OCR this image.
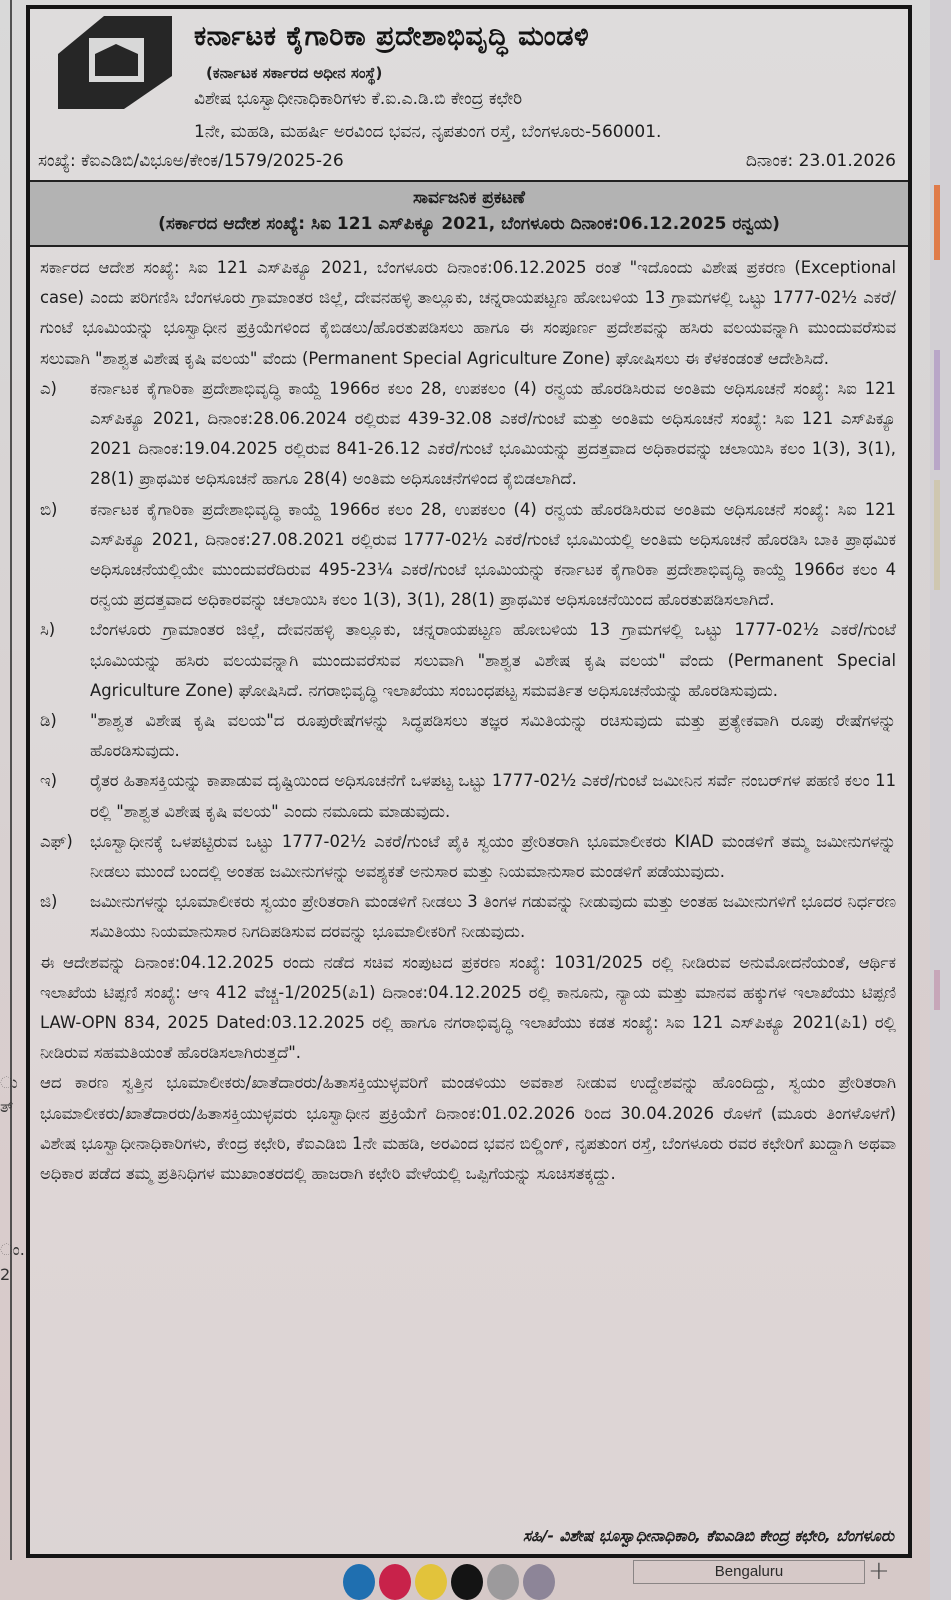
ು
ತ್
ಂ.
2
ಕರ್ನಾಟಕ ಕೈಗಾರಿಕಾ ಪ್ರದೇಶಾಭಿವೃದ್ಧಿ ಮಂಡಳಿ
(ಕರ್ನಾಟಕ ಸರ್ಕಾರದ ಅಧೀನ ಸಂಸ್ಥೆ)
ವಿಶೇಷ ಭೂಸ್ವಾಧೀನಾಧಿಕಾರಿಗಳು ಕೆ.ಐ.ಎ.ಡಿ.ಬಿ ಕೇಂದ್ರ ಕಛೇರಿ
1ನೇ, ಮಹಡಿ, ಮಹರ್ಷಿ ಅರವಿಂದ ಭವನ, ನೃಪತುಂಗ ರಸ್ತೆ, ಬೆಂಗಳೂರು-560001.
ಸಂಖ್ಯೆ: ಕೆಐಎಡಿಬಿ/ವಿಭೂಅ/ಕೇಂಕ/1579/2025-26	ದಿನಾಂಕ: 23.01.2026
ಸಾರ್ವಜನಿಕ ಪ್ರಕಟಣೆ
(ಸರ್ಕಾರದ ಆದೇಶ ಸಂಖ್ಯೆ: ಸಿಐ 121 ಎಸ್‌ಪಿಕ್ಯೂ 2021, ಬೆಂಗಳೂರು ದಿನಾಂಕ:06.12.2025 ರನ್ವಯ)

ಸರ್ಕಾರದ ಆದೇಶ ಸಂಖ್ಯೆ: ಸಿಐ 121 ಎಸ್‌ಪಿಕ್ಯೂ 2021, ಬೆಂಗಳೂರು ದಿನಾಂಕ:06.12.2025 ರಂತೆ "ಇದೊಂದು ವಿಶೇಷ ಪ್ರಕರಣ (Exceptional case) ಎಂದು ಪರಿಗಣಿಸಿ ಬೆಂಗಳೂರು ಗ್ರಾಮಾಂತರ ಜಿಲ್ಲೆ, ದೇವನಹಳ್ಳಿ ತಾಲ್ಲೂಕು, ಚನ್ನರಾಯಪಟ್ಟಣ ಹೋಬಳಿಯ 13 ಗ್ರಾಮಗಳಲ್ಲಿ ಒಟ್ಟು 1777-02½ ಎಕರೆ/ಗುಂಟೆ ಭೂಮಿಯನ್ನು ಭೂಸ್ವಾಧೀನ ಪ್ರಕ್ರಿಯೆಗಳಿಂದ ಕೈಬಿಡಲು/ಹೊರತುಪಡಿಸಲು ಹಾಗೂ ಈ ಸಂಪೂರ್ಣ ಪ್ರದೇಶವನ್ನು ಹಸಿರು ವಲಯವನ್ನಾಗಿ ಮುಂದುವರೆಸುವ ಸಲುವಾಗಿ "ಶಾಶ್ವತ ವಿಶೇಷ ಕೃಷಿ ವಲಯ" ವೆಂದು (Permanent Special Agriculture Zone) ಘೋಷಿಸಲು ಈ ಕೆಳಕಂಡಂತೆ ಆದೇಶಿಸಿದೆ.

ಎ)	ಕರ್ನಾಟಕ ಕೈಗಾರಿಕಾ ಪ್ರದೇಶಾಭಿವೃದ್ಧಿ ಕಾಯ್ದೆ 1966ರ ಕಲಂ 28, ಉಪಕಲಂ (4) ರನ್ವಯ ಹೊರಡಿಸಿರುವ ಅಂತಿಮ ಅಧಿಸೂಚನೆ ಸಂಖ್ಯೆ: ಸಿಐ 121 ಎಸ್‌ಪಿಕ್ಯೂ 2021, ದಿನಾಂಕ:28.06.2024 ರಲ್ಲಿರುವ 439-32.08 ಎಕರೆ/ಗುಂಟೆ ಮತ್ತು ಅಂತಿಮ ಅಧಿಸೂಚನೆ ಸಂಖ್ಯೆ: ಸಿಐ 121 ಎಸ್‌ಪಿಕ್ಯೂ 2021 ದಿನಾಂಕ:19.04.2025 ರಲ್ಲಿರುವ 841-26.12 ಎಕರೆ/ಗುಂಟೆ ಭೂಮಿಯನ್ನು ಪ್ರದತ್ತವಾದ ಅಧಿಕಾರವನ್ನು ಚಲಾಯಿಸಿ ಕಲಂ 1(3), 3(1), 28(1) ಪ್ರಾಥಮಿಕ ಅಧಿಸೂಚನೆ ಹಾಗೂ 28(4) ಅಂತಿಮ ಅಧಿಸೂಚನೆಗಳಿಂದ ಕೈಬಿಡಲಾಗಿದೆ.
ಬಿ)	ಕರ್ನಾಟಕ ಕೈಗಾರಿಕಾ ಪ್ರದೇಶಾಭಿವೃದ್ಧಿ ಕಾಯ್ದೆ 1966ರ ಕಲಂ 28, ಉಪಕಲಂ (4) ರನ್ವಯ ಹೊರಡಿಸಿರುವ ಅಂತಿಮ ಅಧಿಸೂಚನೆ ಸಂಖ್ಯೆ: ಸಿಐ 121 ಎಸ್‌ಪಿಕ್ಯೂ 2021, ದಿನಾಂಕ:27.08.2021 ರಲ್ಲಿರುವ 1777-02½ ಎಕರೆ/ಗುಂಟೆ ಭೂಮಿಯಲ್ಲಿ ಅಂತಿಮ ಅಧಿಸೂಚನೆ ಹೊರಡಿಸಿ ಬಾಕಿ ಪ್ರಾಥಮಿಕ ಅಧಿಸೂಚನೆಯಲ್ಲಿಯೇ ಮುಂದುವರೆದಿರುವ 495-23¼ ಎಕರೆ/ಗುಂಟೆ ಭೂಮಿಯನ್ನು ಕರ್ನಾಟಕ ಕೈಗಾರಿಕಾ ಪ್ರದೇಶಾಭಿವೃದ್ಧಿ ಕಾಯ್ದೆ 1966ರ ಕಲಂ 4 ರನ್ವಯ ಪ್ರದತ್ತವಾದ ಅಧಿಕಾರವನ್ನು ಚಲಾಯಿಸಿ ಕಲಂ 1(3), 3(1), 28(1) ಪ್ರಾಥಮಿಕ ಅಧಿಸೂಚನೆಯಿಂದ ಹೊರತುಪಡಿಸಲಾಗಿದೆ.
ಸಿ)	ಬೆಂಗಳೂರು ಗ್ರಾಮಾಂತರ ಜಿಲ್ಲೆ, ದೇವನಹಳ್ಳಿ ತಾಲ್ಲೂಕು, ಚನ್ನರಾಯಪಟ್ಟಣ ಹೋಬಳಿಯ 13 ಗ್ರಾಮಗಳಲ್ಲಿ ಒಟ್ಟು 1777-02½ ಎಕರೆ/ಗುಂಟೆ ಭೂಮಿಯನ್ನು ಹಸಿರು ವಲಯವನ್ನಾಗಿ ಮುಂದುವರೆಸುವ ಸಲುವಾಗಿ "ಶಾಶ್ವತ ವಿಶೇಷ ಕೃಷಿ ವಲಯ" ವೆಂದು (Permanent Special Agriculture Zone) ಘೋಷಿಸಿದೆ. ನಗರಾಭಿವೃದ್ಧಿ ಇಲಾಖೆಯು ಸಂಬಂಧಪಟ್ಟ ಸಮವರ್ತಿತ ಅಧಿಸೂಚನೆಯನ್ನು ಹೊರಡಿಸುವುದು.
ಡಿ)	"ಶಾಶ್ವತ ವಿಶೇಷ ಕೃಷಿ ವಲಯ"ದ ರೂಪುರೇಷೆಗಳನ್ನು ಸಿದ್ಧಪಡಿಸಲು ತಜ್ಞರ ಸಮಿತಿಯನ್ನು ರಚಿಸುವುದು ಮತ್ತು ಪ್ರತ್ಯೇಕವಾಗಿ ರೂಪು ರೇಷೆಗಳನ್ನು ಹೊರಡಿಸುವುದು.
ಇ)	ರೈತರ ಹಿತಾಸಕ್ತಿಯನ್ನು ಕಾಪಾಡುವ ದೃಷ್ಟಿಯಿಂದ ಅಧಿಸೂಚನೆಗೆ ಒಳಪಟ್ಟ ಒಟ್ಟು 1777-02½ ಎಕರೆ/ಗುಂಟೆ ಜಮೀನಿನ ಸರ್ವೆ ನಂಬರ್‌ಗಳ ಪಹಣಿ ಕಲಂ 11 ರಲ್ಲಿ "ಶಾಶ್ವತ ವಿಶೇಷ ಕೃಷಿ ವಲಯ" ಎಂದು ನಮೂದು ಮಾಡುವುದು.
ಎಫ್)	ಭೂಸ್ವಾಧೀನಕ್ಕೆ ಒಳಪಟ್ಟಿರುವ ಒಟ್ಟು 1777-02½ ಎಕರೆ/ಗುಂಟೆ ಪೈಕಿ ಸ್ವಯಂ ಪ್ರೇರಿತರಾಗಿ ಭೂಮಾಲೀಕರು KIAD ಮಂಡಳಿಗೆ ತಮ್ಮ ಜಮೀನುಗಳನ್ನು ನೀಡಲು ಮುಂದೆ ಬಂದಲ್ಲಿ ಅಂತಹ ಜಮೀನುಗಳನ್ನು ಅವಶ್ಯಕತೆ ಅನುಸಾರ ಮತ್ತು ನಿಯಮಾನುಸಾರ ಮಂಡಳಿಗೆ ಪಡೆಯುವುದು.
ಜಿ)	ಜಮೀನುಗಳನ್ನು ಭೂಮಾಲೀಕರು ಸ್ವಯಂ ಪ್ರೇರಿತರಾಗಿ ಮಂಡಳಿಗೆ ನೀಡಲು 3 ತಿಂಗಳ ಗಡುವನ್ನು ನೀಡುವುದು ಮತ್ತು ಅಂತಹ ಜಮೀನುಗಳಿಗೆ ಭೂದರ ನಿರ್ಧರಣ ಸಮಿತಿಯು ನಿಯಮಾನುಸಾರ ನಿಗದಿಪಡಿಸುವ ದರವನ್ನು ಭೂಮಾಲೀಕರಿಗೆ ನೀಡುವುದು.

ಈ ಆದೇಶವನ್ನು ದಿನಾಂಕ:04.12.2025 ರಂದು ನಡೆದ ಸಚಿವ ಸಂಪುಟದ ಪ್ರಕರಣ ಸಂಖ್ಯೆ: 1031/2025 ರಲ್ಲಿ ನೀಡಿರುವ ಅನುಮೋದನೆಯಂತೆ, ಆರ್ಥಿಕ ಇಲಾಖೆಯ ಟಿಪ್ಪಣಿ ಸಂಖ್ಯೆ: ಆಇ 412 ವೆಚ್ಚ-1/2025(ಪಿ1) ದಿನಾಂಕ:04.12.2025 ರಲ್ಲಿ ಕಾನೂನು, ನ್ಯಾಯ ಮತ್ತು ಮಾನವ ಹಕ್ಕುಗಳ ಇಲಾಖೆಯು ಟಿಪ್ಪಣಿ LAW-OPN 834, 2025 Dated:03.12.2025 ರಲ್ಲಿ ಹಾಗೂ ನಗರಾಭಿವೃದ್ಧಿ ಇಲಾಖೆಯು ಕಡತ ಸಂಖ್ಯೆ: ಸಿಐ 121 ಎಸ್‌ಪಿಕ್ಯೂ 2021(ಪಿ1) ರಲ್ಲಿ ನೀಡಿರುವ ಸಹಮತಿಯಂತೆ ಹೊರಡಿಸಲಾಗಿರುತ್ತದೆ".

ಆದ ಕಾರಣ ಸ್ವತ್ತಿನ ಭೂಮಾಲೀಕರು/ಖಾತೆದಾರರು/ಹಿತಾಸಕ್ತಿಯುಳ್ಳವರಿಗೆ ಮಂಡಳಿಯು ಅವಕಾಶ ನೀಡುವ ಉದ್ದೇಶವನ್ನು ಹೊಂದಿದ್ದು, ಸ್ವಯಂ ಪ್ರೇರಿತರಾಗಿ ಭೂಮಾಲೀಕರು/ಖಾತೆದಾರರು/ಹಿತಾಸಕ್ತಿಯುಳ್ಳವರು ಭೂಸ್ವಾಧೀನ ಪ್ರಕ್ರಿಯೆಗೆ ದಿನಾಂಕ:01.02.2026 ರಿಂದ 30.04.2026 ರೊಳಗೆ (ಮೂರು ತಿಂಗಳೊಳಗೆ) ವಿಶೇಷ ಭೂಸ್ವಾಧೀನಾಧಿಕಾರಿಗಳು, ಕೇಂದ್ರ ಕಛೇರಿ, ಕೆಐಎಡಿಬಿ 1ನೇ ಮಹಡಿ, ಅರವಿಂದ ಭವನ ಬಿಲ್ಡಿಂಗ್, ನೃಪತುಂಗ ರಸ್ತೆ, ಬೆಂಗಳೂರು ರವರ ಕಛೇರಿಗೆ ಖುದ್ದಾಗಿ ಅಥವಾ ಅಧಿಕಾರ ಪಡೆದ ತಮ್ಮ ಪ್ರತಿನಿಧಿಗಳ ಮುಖಾಂತರದಲ್ಲಿ ಹಾಜರಾಗಿ ಕಛೇರಿ ವೇಳೆಯಲ್ಲಿ ಒಪ್ಪಿಗೆಯನ್ನು ಸೂಚಿಸತಕ್ಕದ್ದು.

ಸಹಿ/- ವಿಶೇಷ ಭೂಸ್ವಾಧೀನಾಧಿಕಾರಿ, ಕೆಐಎಡಿಬಿ ಕೇಂದ್ರ ಕಛೇರಿ, ಬೆಂಗಳೂರು
Bengaluru	+
